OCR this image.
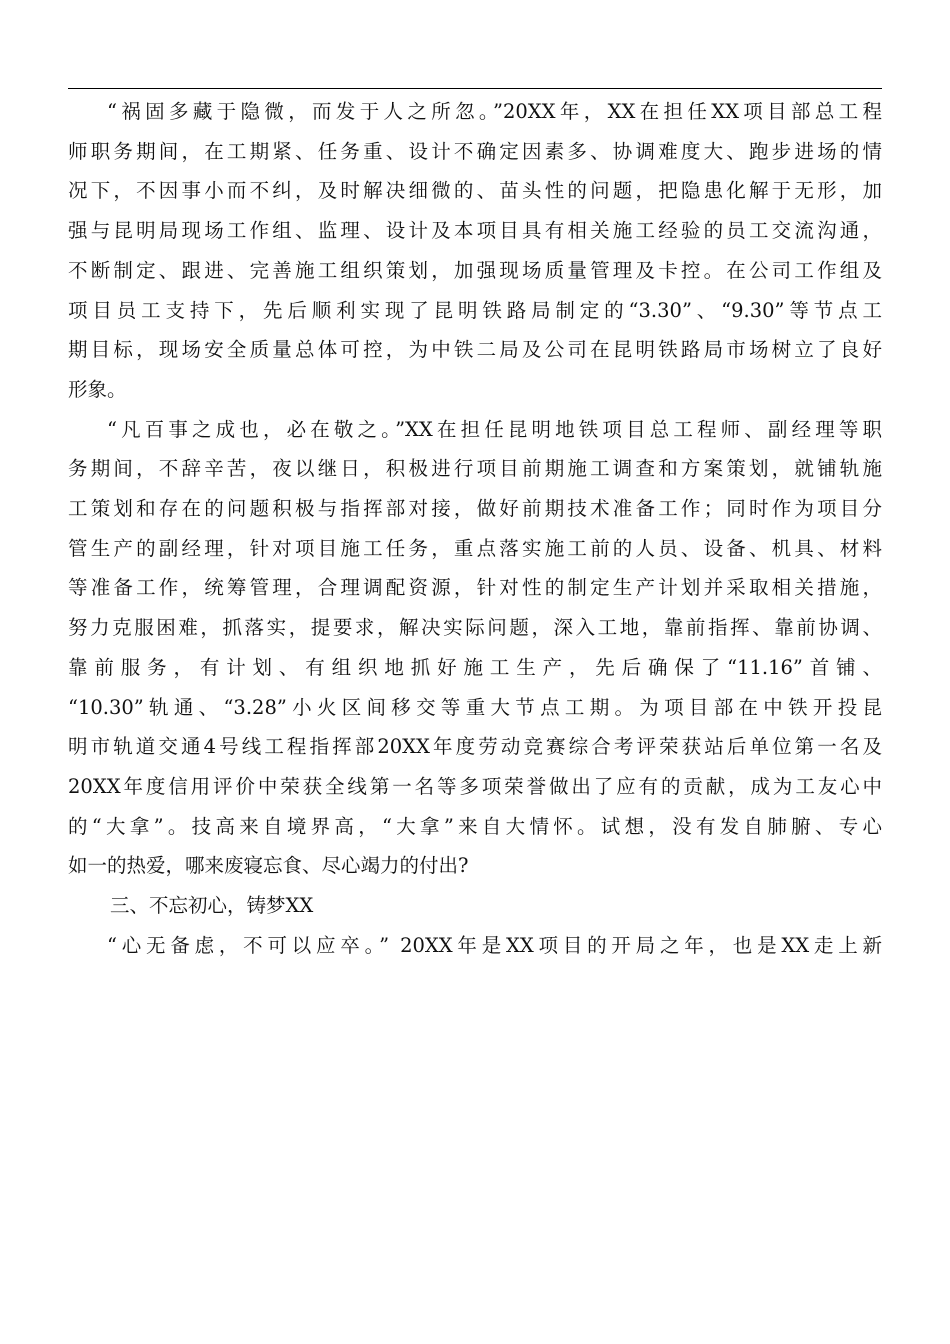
“祸固多藏于隐微，而发于人之所忽。”20XX年，XX在担任XX项目部总工程
师职务期间，在工期紧、任务重、设计不确定因素多、协调难度大、跑步进场的情
况下，不因事小而不纠，及时解决细微的、苗头性的问题，把隐患化解于无形，加
强与昆明局现场工作组、监理、设计及本项目具有相关施工经验的员工交流沟通，
不断制定、跟进、完善施工组织策划，加强现场质量管理及卡控。在公司工作组及
项目员工支持下，先后顺利实现了昆明铁路局制定的“3.30”、“9.30”等节点工
期目标，现场安全质量总体可控，为中铁二局及公司在昆明铁路局市场树立了良好
形象。
“凡百事之成也，必在敬之。”XX在担任昆明地铁项目总工程师、副经理等职
务期间，不辞辛苦，夜以继日，积极进行项目前期施工调查和方案策划，就铺轨施
工策划和存在的问题积极与指挥部对接，做好前期技术准备工作；同时作为项目分
管生产的副经理，针对项目施工任务，重点落实施工前的人员、设备、机具、材料
等准备工作，统筹管理，合理调配资源，针对性的制定生产计划并采取相关措施，
努力克服困难，抓落实，提要求，解决实际问题，深入工地，靠前指挥、靠前协调、
靠前服务，有计划、有组织地抓好施工生产，先后确保了“11.16”首铺、
“10.30”轨通、“3.28”小火区间移交等重大节点工期。为项目部在中铁开投昆
明市轨道交通4号线工程指挥部20XX年度劳动竞赛综合考评荣获站后单位第一名及
20XX年度信用评价中荣获全线第一名等多项荣誉做出了应有的贡献，成为工友心中
的“大拿”。技高来自境界高，“大拿”来自大情怀。试想，没有发自肺腑、专心
如一的热爱，哪来废寝忘食、尽心竭力的付出?
三、不忘初心，铸梦XX
“心无备虑，不可以应卒。” 20XX年是XX项目的开局之年，也是XX走上新
